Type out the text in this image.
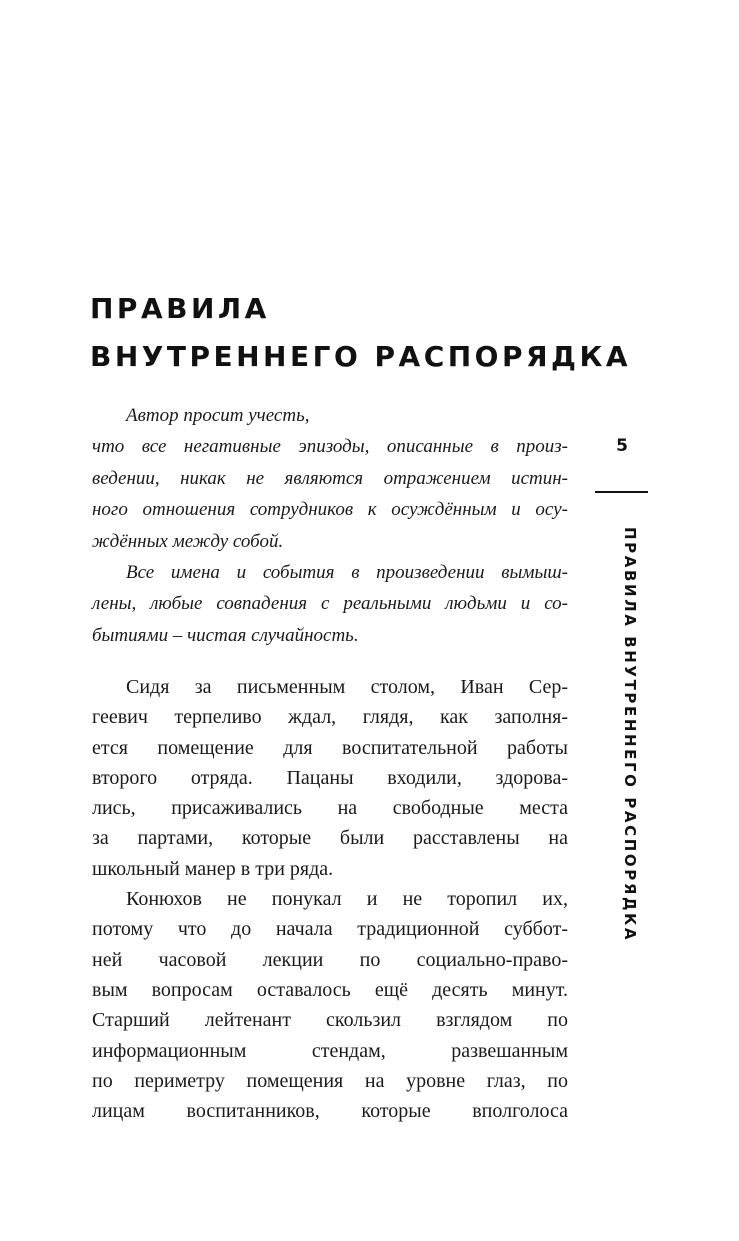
ПРАВИЛА
ВНУТРЕННЕГО РАСПОРЯДКА

Автор просит учесть,
что все негативные эпизоды, описанные в произ-
ведении, никак не являются отражением истин-
ного отношения сотрудников к осуждённым и осу-
ждённых между собой.

Все имена и события в произведении вымыш-
лены, любые совпадения с реальными людьми и со-
бытиями – чистая случайность.

Сидя за письменным столом, Иван Сер-
геевич терпеливо ждал, глядя, как заполня-
ется помещение для воспитательной работы
второго отряда. Пацаны входили, здорова-
лись, присаживались на свободные места
за партами, которые были расставлены на
школьный манер в три ряда.

Конюхов не понукал и не торопил их,
потому что до начала традиционной суббот-
ней часовой лекции по социально-право-
вым вопросам оставалось ещё десять минут.
Старший лейтенант скользил взглядом по
информационным стендам, развешанным
по периметру помещения на уровне глаз, по
лицам воспитанников, которые вполголоса

5
ПРАВИЛА ВНУТРЕННЕГО РАСПОРЯДКА
